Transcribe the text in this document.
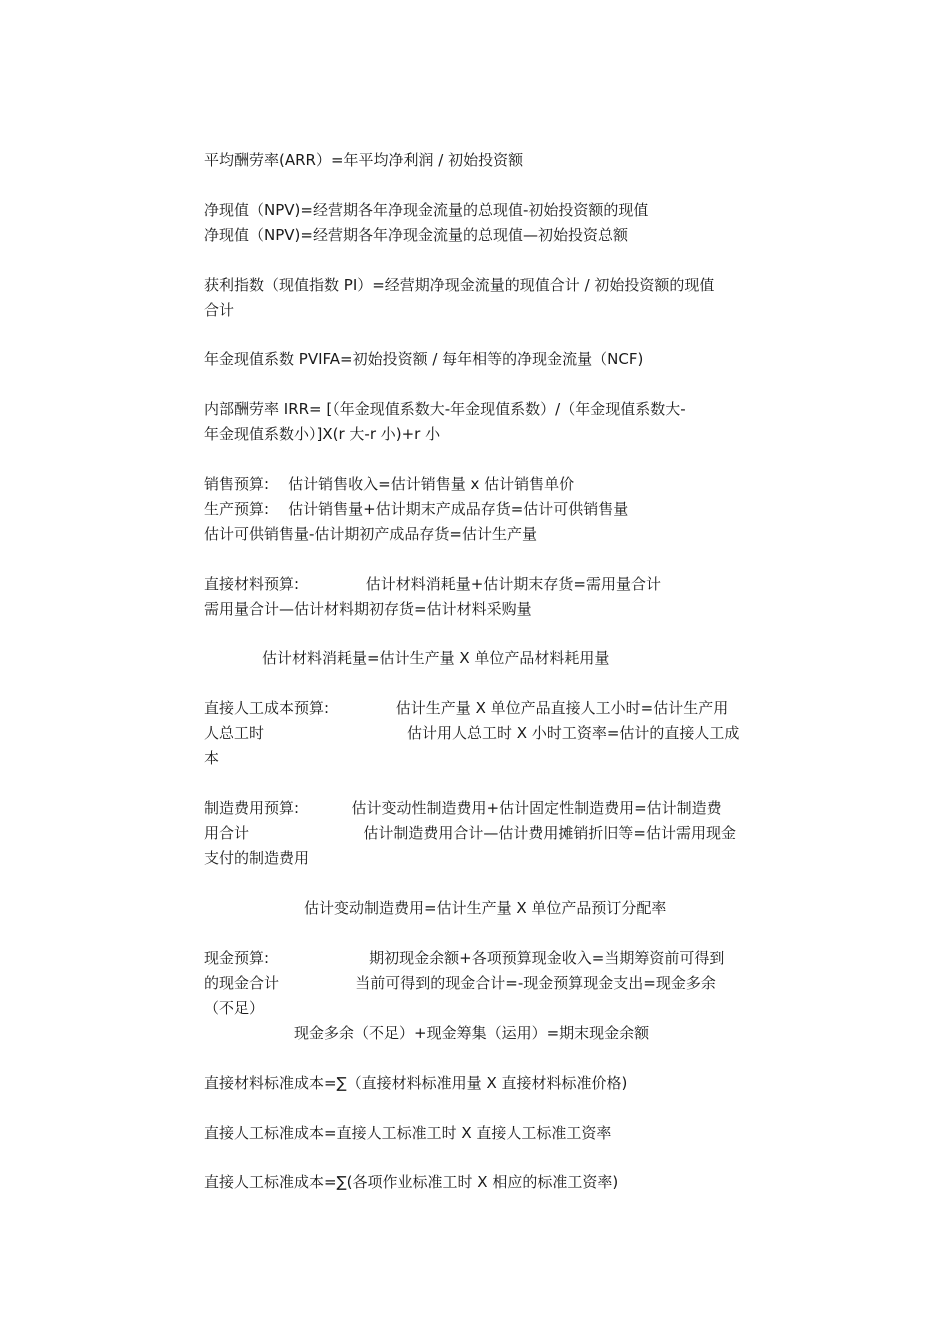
平均酬劳率(ARR）=年平均净利润 / 初始投资额
净现值（NPV)=经营期各年净现金流量的总现值-初始投资额的现值
净现值（NPV)=经营期各年净现金流量的总现值—初始投资总额
获利指数（现值指数 PI）=经营期净现金流量的现值合计 / 初始投资额的现值
合计
年金现值系数 PVIFA=初始投资额 / 每年相等的净现金流量（NCF)
内部酬劳率 IRR= [（年金现值系数大-年金现值系数）/（年金现值系数大-
年金现值系数小）]X(r 大-r 小)+r 小
销售预算:    估计销售收入=估计销售量 x 估计销售单价
生产预算:    估计销售量+估计期末产成品存货=估计可供销售量
估计可供销售量-估计期初产成品存货=估计生产量
直接材料预算:              估计材料消耗量+估计期末存货=需用量合计
需用量合计—估计材料期初存货=估计材料采购量
估计材料消耗量=估计生产量 X 单位产品材料耗用量
直接人工成本预算:              估计生产量 X 单位产品直接人工小时=估计生产用
人总工时                              估计用人总工时 X 小时工资率=估计的直接人工成
本
制造费用预算:           估计变动性制造费用+估计固定性制造费用=估计制造费
用合计                        估计制造费用合计—估计费用摊销折旧等=估计需用现金
支付的制造费用
估计变动制造费用=估计生产量 X 单位产品预订分配率
现金预算:                     期初现金余额+各项预算现金收入=当期筹资前可得到
的现金合计                当前可得到的现金合计=-现金预算现金支出=现金多余
（不足）
现金多余（不足）+现金筹集（运用）=期末现金余额
直接材料标准成本=∑（直接材料标准用量 X 直接材料标准价格)
直接人工标准成本=直接人工标准工时 X 直接人工标准工资率
直接人工标准成本=∑(各项作业标准工时 X 相应的标准工资率)
